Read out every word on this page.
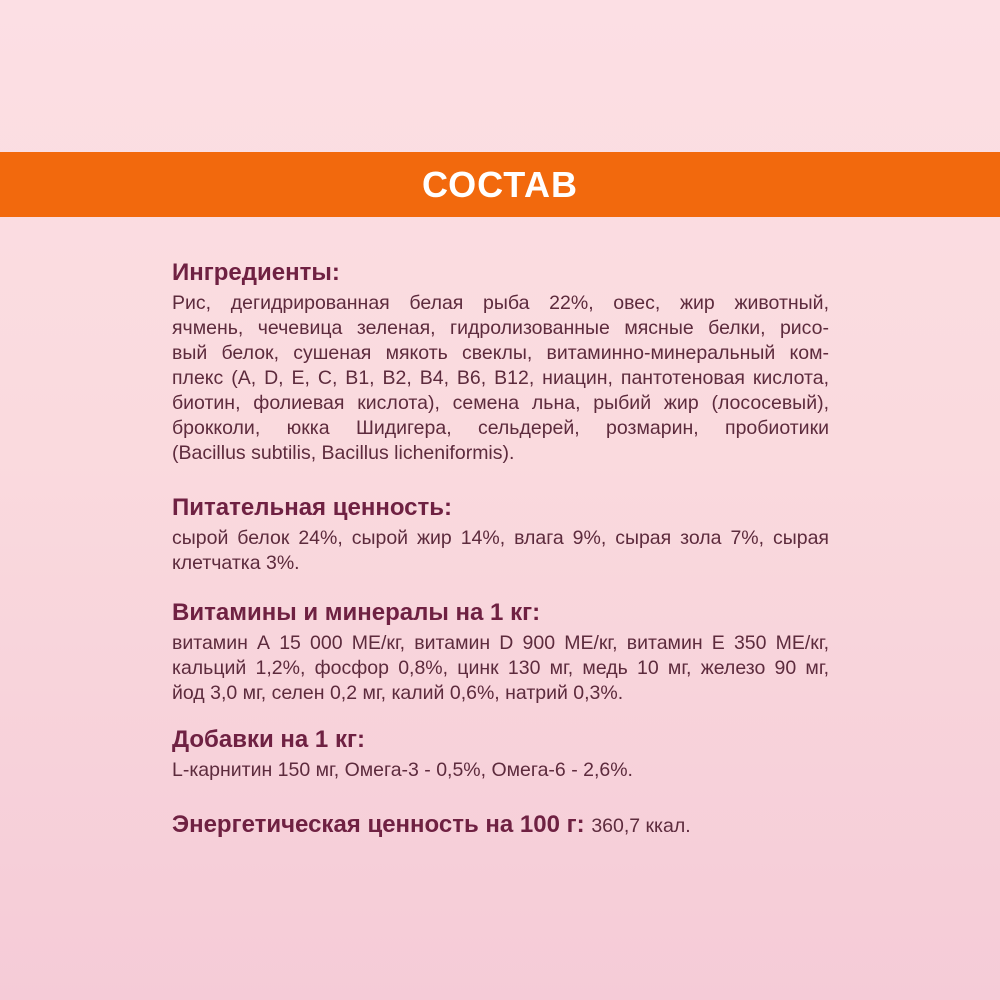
СОСТАВ
Ингредиенты:
Рис, дегидрированная белая рыба 22%, овес, жир животный,
ячмень, чечевица зеленая, гидролизованные мясные белки, рисо-
вый белок, сушеная мякоть свеклы, витаминно-минеральный ком-
плекс (A, D, E, C, B1, B2, B4, B6, B12, ниацин, пантотеновая кислота,
биотин, фолиевая кислота), семена льна, рыбий жир (лососевый),
брокколи, юкка Шидигера, сельдерей, розмарин, пробиотики
(Bacillus subtilis, Bacillus licheniformis).
Питательная ценность:
сырой белок 24%, сырой жир 14%, влага 9%, сырая зола 7%, сырая
клетчатка 3%.
Витамины и минералы на 1 кг:
витамин А 15 000 МЕ/кг, витамин D 900 МЕ/кг, витамин Е 350 МЕ/кг,
кальций 1,2%, фосфор 0,8%, цинк 130 мг, медь 10 мг, железо 90 мг,
йод 3,0 мг, селен 0,2 мг, калий 0,6%, натрий 0,3%.
Добавки на 1 кг:
L-карнитин 150 мг, Омега-3 - 0,5%, Омега-6 - 2,6%.
Энергетическая ценность на 100 г: 360,7 ккал.
